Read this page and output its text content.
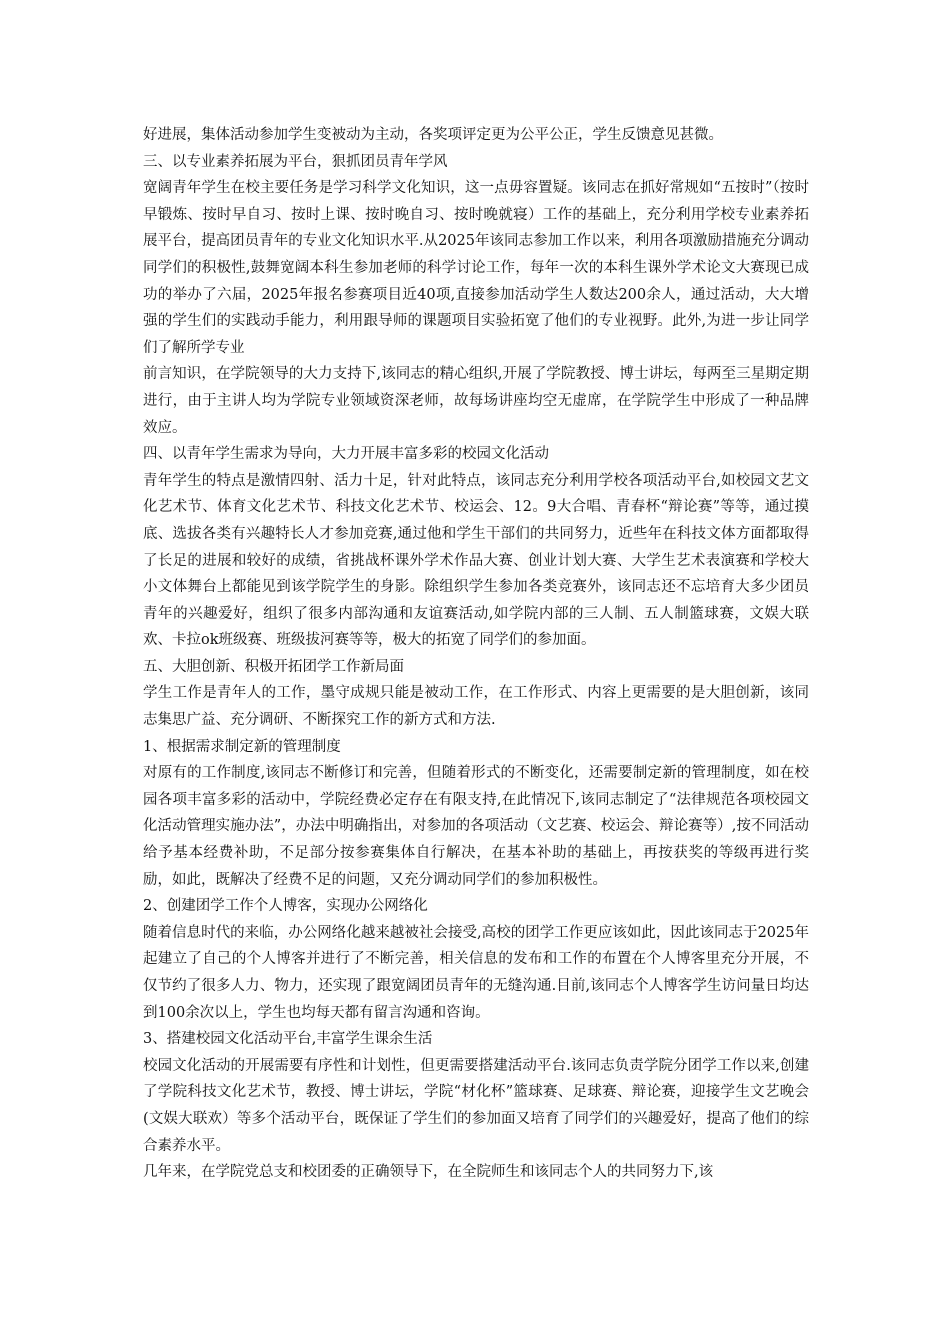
好进展，集体活动参加学生变被动为主动，各奖项评定更为公平公正，学生反馈意见甚微。

三、以专业素养拓展为平台，狠抓团员青年学风

宽阔青年学生在校主要任务是学习科学文化知识，这一点毋容置疑。该同志在抓好常规如“五按时”（按时早锻炼、按时早自习、按时上课、按时晚自习、按时晚就寝）工作的基础上，充分利用学校专业素养拓展平台，提高团员青年的专业文化知识水平.从2025年该同志参加工作以来，利用各项激励措施充分调动同学们的积极性,鼓舞宽阔本科生参加老师的科学讨论工作，每年一次的本科生课外学术论文大赛现已成功的举办了六届，2025年报名参赛项目近40项,直接参加活动学生人数达200余人，通过活动，大大增强的学生们的实践动手能力，利用跟导师的课题项目实验拓宽了他们的专业视野。此外,为进一步让同学们了解所学专业

前言知识，在学院领导的大力支持下,该同志的精心组织,开展了学院教授、博士讲坛，每两至三星期定期进行，由于主讲人均为学院专业领域资深老师，故每场讲座均空无虚席，在学院学生中形成了一种品牌效应。

四、以青年学生需求为导向，大力开展丰富多彩的校园文化活动

青年学生的特点是激情四射、活力十足，针对此特点，该同志充分利用学校各项活动平台,如校园文艺文化艺术节、体育文化艺术节、科技文化艺术节、校运会、12。9大合唱、青春杯“辩论赛”等等，通过摸底、选拔各类有兴趣特长人才参加竞赛,通过他和学生干部们的共同努力，近些年在科技文体方面都取得了长足的进展和较好的成绩，省挑战杯课外学术作品大赛、创业计划大赛、大学生艺术表演赛和学校大小文体舞台上都能见到该学院学生的身影。除组织学生参加各类竞赛外，该同志还不忘培育大多少团员青年的兴趣爱好，组织了很多内部沟通和友谊赛活动,如学院内部的三人制、五人制篮球赛，文娱大联欢、卡拉ok班级赛、班级拔河赛等等，极大的拓宽了同学们的参加面。

五、大胆创新、积极开拓团学工作新局面

学生工作是青年人的工作，墨守成规只能是被动工作，在工作形式、内容上更需要的是大胆创新，该同志集思广益、充分调研、不断探究工作的新方式和方法.

1、根据需求制定新的管理制度

对原有的工作制度,该同志不断修订和完善，但随着形式的不断变化，还需要制定新的管理制度，如在校园各项丰富多彩的活动中，学院经费必定存在有限支持,在此情况下,该同志制定了“法律规范各项校园文化活动管理实施办法”，办法中明确指出，对参加的各项活动（文艺赛、校运会、辩论赛等）,按不同活动给予基本经费补助，不足部分按参赛集体自行解决，在基本补助的基础上，再按获奖的等级再进行奖励，如此，既解决了经费不足的问题，又充分调动同学们的参加积极性。

2、创建团学工作个人博客，实现办公网络化

随着信息时代的来临，办公网络化越来越被社会接受,高校的团学工作更应该如此，因此该同志于2025年起建立了自己的个人博客并进行了不断完善，相关信息的发布和工作的布置在个人博客里充分开展，不仅节约了很多人力、物力，还实现了跟宽阔团员青年的无缝沟通.目前,该同志个人博客学生访问量日均达到100余次以上，学生也均每天都有留言沟通和咨询。

3、搭建校园文化活动平台,丰富学生课余生活

校园文化活动的开展需要有序性和计划性，但更需要搭建活动平台.该同志负责学院分团学工作以来,创建了学院科技文化艺术节，教授、博士讲坛，学院“材化杯”篮球赛、足球赛、辩论赛，迎接学生文艺晚会(文娱大联欢）等多个活动平台，既保证了学生们的参加面又培育了同学们的兴趣爱好，提高了他们的综合素养水平。

几年来，在学院党总支和校团委的正确领导下，在全院师生和该同志个人的共同努力下,该
